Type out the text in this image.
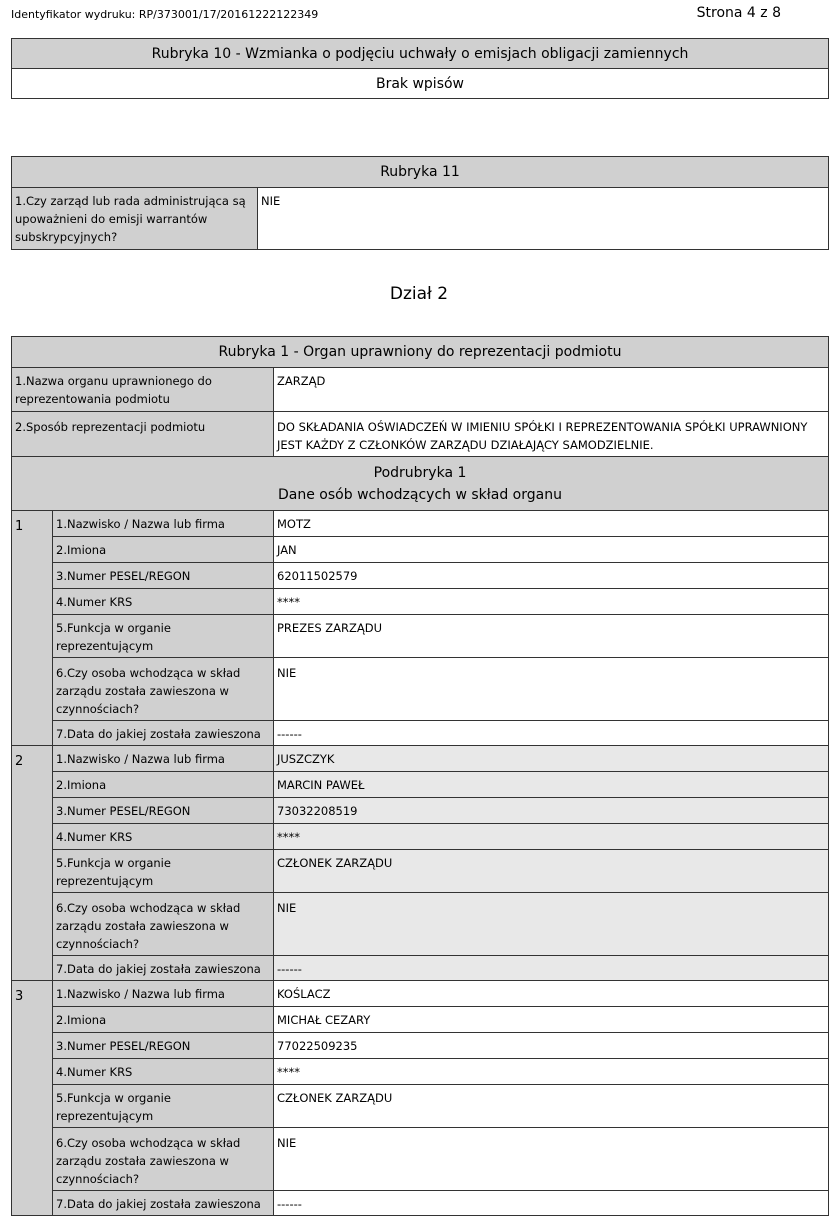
Identyfikator wydruku: RP/373001/17/20161222122349	Strona 4 z 8
Rubryka 10 - Wzmianka o podjęciu uchwały o emisjach obligacji zamiennych
Brak wpisów
Rubryka 11
1.Czy zarząd lub rada administrująca są upoważnieni do emisji warrantów subskrypcyjnych?	NIE
Dział 2
Rubryka 1 - Organ uprawniony do reprezentacji podmiotu		
1.Nazwa organu uprawnionego do reprezentowania podmiotu		ZARZĄD
2.Sposób reprezentacji podmiotu		DO SKŁADANIA OŚWIADCZEŃ W IMIENIU SPÓŁKI I REPREZENTOWANIA SPÓŁKI UPRAWNIONY JEST KAŻDY Z CZŁONKÓW ZARZĄDU DZIAŁAJĄCY SAMODZIELNIE.

Podrubryka 1
Dane osób wchodzących w skład organu		

1	1.Nazwisko / Nazwa lub firma	MOTZ
	2.Imiona	JAN
	3.Numer PESEL/REGON	62011502579
	4.Numer KRS	****
	5.Funkcja w organie reprezentującym	PREZES ZARZĄDU
	6.Czy osoba wchodząca w skład zarządu została zawieszona w czynnościach?	NIE
	7.Data do jakiej została zawieszona	------
2	1.Nazwisko / Nazwa lub firma	JUSZCZYK
	2.Imiona	MARCIN PAWEŁ
	3.Numer PESEL/REGON	73032208519
	4.Numer KRS	****
	5.Funkcja w organie reprezentującym	CZŁONEK ZARZĄDU
	6.Czy osoba wchodząca w skład zarządu została zawieszona w czynnościach?	NIE
	7.Data do jakiej została zawieszona	------
3	1.Nazwisko / Nazwa lub firma	KOŚLACZ
	2.Imiona	MICHAŁ CEZARY
	3.Numer PESEL/REGON	77022509235
	4.Numer KRS	****
	5.Funkcja w organie reprezentującym	CZŁONEK ZARZĄDU
	6.Czy osoba wchodząca w skład zarządu została zawieszona w czynnościach?	NIE
	7.Data do jakiej została zawieszona	------
